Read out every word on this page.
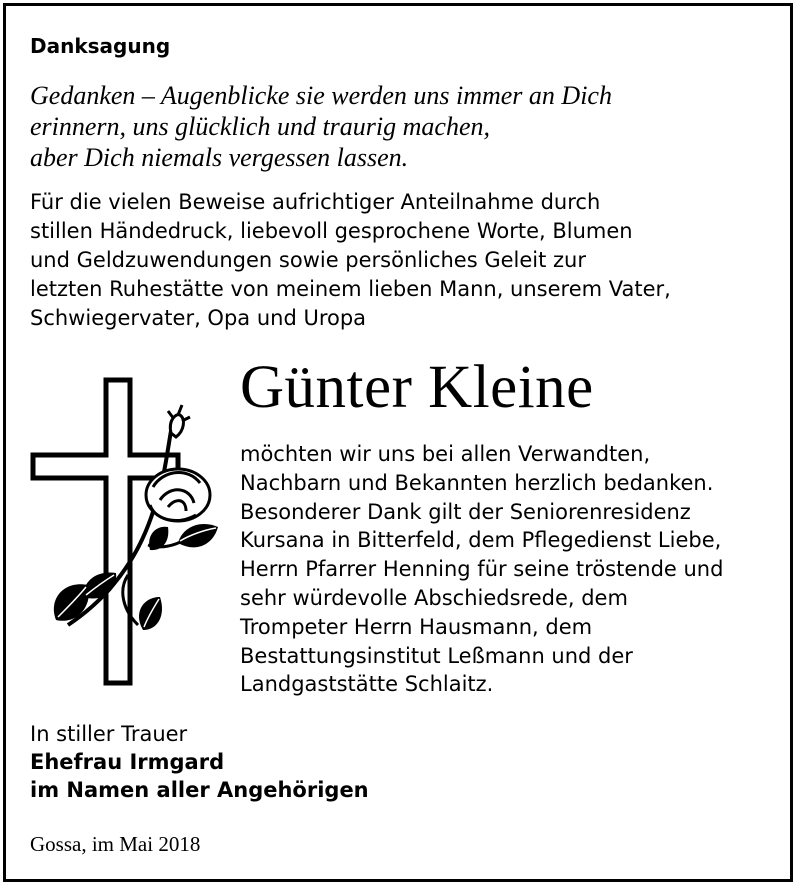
Danksagung
Gedanken – Augenblicke sie werden uns immer an Dich
erinnern, uns glücklich und traurig machen,
aber Dich niemals vergessen lassen.
Für die vielen Beweise aufrichtiger Anteilnahme durch
stillen Händedruck, liebevoll gesprochene Worte, Blumen
und Geldzuwendungen sowie persönliches Geleit zur
letzten Ruhestätte von meinem lieben Mann, unserem Vater,
Schwiegervater, Opa und Uropa
Günter Kleine
möchten wir uns bei allen Verwandten,
Nachbarn und Bekannten herzlich bedanken.
Besonderer Dank gilt der Seniorenresidenz
Kursana in Bitterfeld, dem Pflegedienst Liebe,
Herrn Pfarrer Henning für seine tröstende und
sehr würdevolle Abschiedsrede, dem
Trompeter Herrn Hausmann, dem
Bestattungsinstitut Leßmann und der
Landgaststätte Schlaitz.
In stiller Trauer
Ehefrau Irmgard
im Namen aller Angehörigen
Gossa, im Mai 2018
